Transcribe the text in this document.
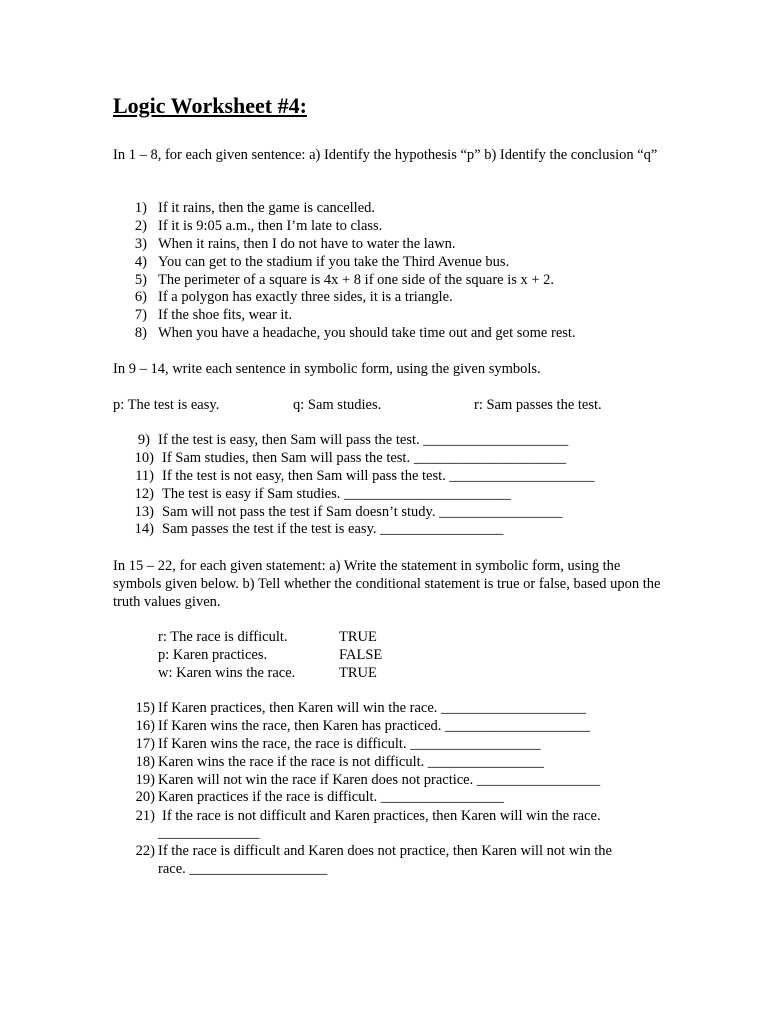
Logic Worksheet #4:
In 1 – 8, for each given sentence: a) Identify the hypothesis “p” b) Identify the conclusion “q”
1) If it rains, then the game is cancelled.
2) If it is 9:05 a.m., then I’m late to class.
3) When it rains, then I do not have to water the lawn.
4) You can get to the stadium if you take the Third Avenue bus.
5) The perimeter of a square is 4x + 8 if one side of the square is x + 2.
6) If a polygon has exactly three sides, it is a triangle.
7) If the shoe fits, wear it.
8) When you have a headache, you should take time out and get some rest.
In 9 – 14, write each sentence in symbolic form, using the given symbols.
p: The test is easy.	q: Sam studies.	r: Sam passes the test.
9) If the test is easy, then Sam will pass the test. ____________________
10) If Sam studies, then Sam will pass the test. _____________________
11) If the test is not easy, then Sam will pass the test. ____________________
12) The test is easy if Sam studies. _______________________
13) Sam will not pass the test if Sam doesn’t study. _________________
14) Sam passes the test if the test is easy. _________________
In 15 – 22, for each given statement: a) Write the statement in symbolic form, using the symbols given below. b) Tell whether the conditional statement is true or false, based upon the truth values given.
r: The race is difficult.	TRUE
p: Karen practices.	FALSE
w: Karen wins the race.	TRUE
15) If Karen practices, then Karen will win the race. ____________________
16) If Karen wins the race, then Karen has practiced. ____________________
17) If Karen wins the race, the race is difficult. __________________
18) Karen wins the race if the race is not difficult. ________________
19) Karen will not win the race if Karen does not practice. _________________
20) Karen practices if the race is difficult. _________________
21) If the race is not difficult and Karen practices, then Karen will win the race.
______________
22) If the race is difficult and Karen does not practice, then Karen will not win the
race. ___________________
